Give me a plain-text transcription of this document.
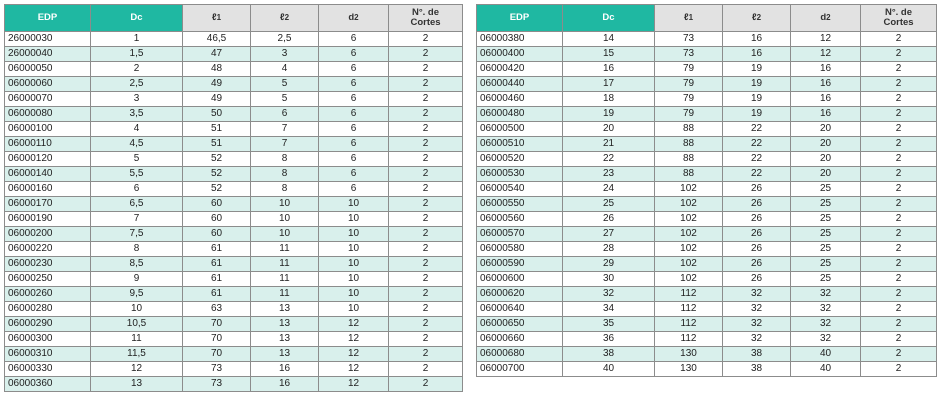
EDP	Dc	ℓ1	ℓ2	d2	N°. de
Cortes
26000030	1	46,5	2,5	6	2
26000040	1,5	47	3	6	2
06000050	2	48	4	6	2
06000060	2,5	49	5	6	2
06000070	3	49	5	6	2
06000080	3,5	50	6	6	2
06000100	4	51	7	6	2
06000110	4,5	51	7	6	2
06000120	5	52	8	6	2
06000140	5,5	52	8	6	2
06000160	6	52	8	6	2
06000170	6,5	60	10	10	2
06000190	7	60	10	10	2
06000200	7,5	60	10	10	2
06000220	8	61	11	10	2
06000230	8,5	61	11	10	2
06000250	9	61	11	10	2
06000260	9,5	61	11	10	2
06000280	10	63	13	10	2
06000290	10,5	70	13	12	2
06000300	11	70	13	12	2
06000310	11,5	70	13	12	2
06000330	12	73	16	12	2
06000360	13	73	16	12	2
EDP	Dc	ℓ1	ℓ2	d2	N°. de
Cortes
06000380	14	73	16	12	2
06000400	15	73	16	12	2
06000420	16	79	19	16	2
06000440	17	79	19	16	2
06000460	18	79	19	16	2
06000480	19	79	19	16	2
06000500	20	88	22	20	2
06000510	21	88	22	20	2
06000520	22	88	22	20	2
06000530	23	88	22	20	2
06000540	24	102	26	25	2
06000550	25	102	26	25	2
06000560	26	102	26	25	2
06000570	27	102	26	25	2
06000580	28	102	26	25	2
06000590	29	102	26	25	2
06000600	30	102	26	25	2
06000620	32	112	32	32	2
06000640	34	112	32	32	2
06000650	35	112	32	32	2
06000660	36	112	32	32	2
06000680	38	130	38	40	2
06000700	40	130	38	40	2
